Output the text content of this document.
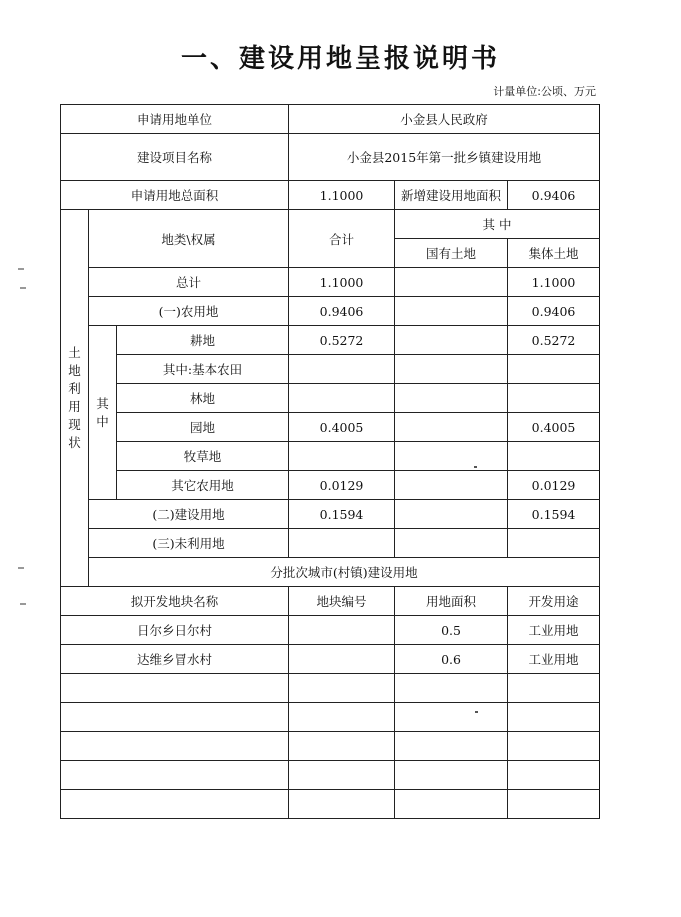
一、建设用地呈报说明书
计量单位:公顷、万元
申请用地单位			小金县人民政府		
建设项目名称			小金县2015年第一批乡镇建设用地		
申请用地总面积			1.1000	新增建设用地面积	0.9406
土地利用现状	地类\权属		合计	其 中	
				国有土地	集体土地
	总计		1.1000		1.1000
	(一)农用地		0.9406		0.9406
	其中	耕地	0.5272		0.5272
		其中:基本农田			
		林地			
		园地	0.4005		0.4005
		牧草地			
		其它农用地	0.0129		0.0129
	(二)建设用地		0.1594		0.1594
	(三)未利用地				
	分批次城市(村镇)建设用地				
拟开发地块名称			地块编号	用地面积	开发用途
日尔乡日尔村				0.5	工业用地
达维乡冒水村				0.6	工业用地
